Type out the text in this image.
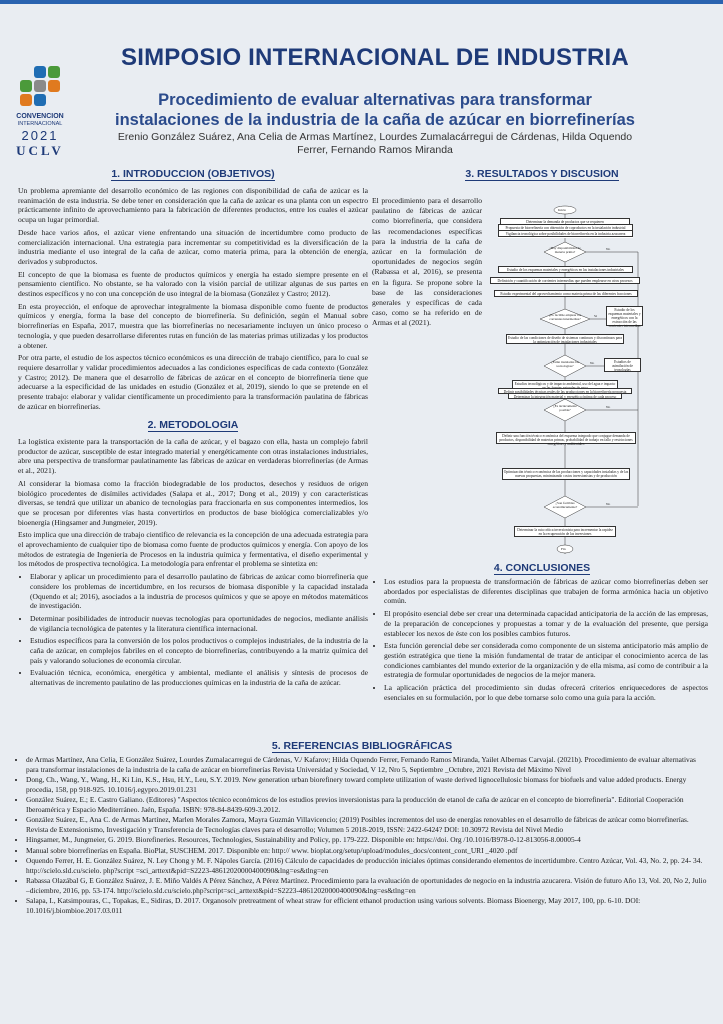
CONVENCION
INTERNACIONAL
2021
UCLV
SIMPOSIO INTERNACIONAL DE INDUSTRIA
Procedimiento de evaluar alternativas para transformar
instalaciones de la industria de la caña de azúcar en biorrefinerías
Erenio González Suárez, Ana Celia de Armas Martínez, Lourdes Zumalacárregui de Cárdenas, Hilda Oquendo
Ferrer, Fernando Ramos Miranda
1. INTRODUCCION (OBJETIVOS)

Un problema apremiante del desarrollo económico de las regiones con disponibilidad de caña de azúcar es la reanimación de esta industria. Se debe tener en consideración que la caña de azúcar es una planta con un espectro prácticamente infinito de aprovechamiento para la fabricación de diferentes productos, entre los cuales el azúcar ocupa un lugar primordial.

Desde hace varios años, el azúcar viene enfrentando una situación de incertidumbre como producto de comercialización internacional. Una estrategia para incrementar su competitividad es la diversificación de la industria mediante el uso integral de la caña de azúcar, como materia prima, para la obtención de energía, derivados y subproductos.

El concepto de que la biomasa es fuente de productos químicos y energía ha estado siempre presente en el pensamiento científico. No obstante, se ha valorado con la visión parcial de utilizar algunas de sus partes en destinos específicos y no con una concepción de uso integral de la biomasa (González y Castro; 2012).

En esta proyección, el enfoque de aprovechar integralmente la biomasa disponible como fuente de productos químicos y energía, forma la base del concepto de biorrefinería. Su definición, según el Manual sobre biorrefinerías en España, 2017, muestra que las biorrefinerías no necesariamente incluyen un único proceso o tecnología, y que pueden desarrollarse diferentes rutas en función de las materias primas utilizadas y los productos a obtener.

Por otra parte, el estudio de los aspectos técnico económicos es una dirección de trabajo científico, para lo cual se requiere desarrollar y validar procedimientos adecuados a las condiciones específicas de cada contexto (González y Castro; 2012). De manera que el desarrollo de fábricas de azúcar en el concepto de biorrefinería tiene que adecuarse a la especificidad de las unidades en estudio (González et al, 2019), siendo lo que se pretende en el presente trabajo: elaborar y validar científicamente un procedimiento para la transformación paulatina de fábricas de azúcar en biorrefinerías.

2. METODOLOGIA

La logística existente para la transportación de la caña de azúcar, y el bagazo con ella, hasta un complejo fabril productor de azúcar, susceptible de estar integrado material y energéticamente con otras instalaciones industriales, abre una perspectiva de transformar paulatinamente las fábricas de azúcar en verdaderas biorrefinerías (de Armas et al., 2021).

Al considerar la biomasa como la fracción biodegradable de los productos, desechos y residuos de origen biológico procedentes de disímiles actividades (Salapa et al., 2017; Dong et al., 2019) y con características diversas, se tendrá que utilizar un abanico de tecnologías para fraccionarla en sus componentes intermedios, los que se procesan por diferentes vías hasta convertirlos en productos de base biológica comercializables y/o bioenergía (Hingsamer and Jungmeier, 2019).

Esto implica que una dirección de trabajo científico de relevancia es la concepción de una adecuada estrategia para el aprovechamiento de cualquier tipo de biomasa como fuente de productos químicos y energía. Con apoyo de los métodos de estrategia de Ingeniería de Procesos en la industria química y fermentativa, el diseño experimental y los métodos de prospectiva tecnológica. La metodología para enfrentar el problema se sintetiza en:

• Elaborar y aplicar un procedimiento para el desarrollo paulatino de fábricas de azúcar como biorrefinería que considere los problemas de incertidumbre, en los recursos de biomasa disponible y la capacidad instalada (Oquendo et al; 2016), asociados a la industria de procesos químicos y que se apoye en métodos matemáticos de investigación.
• Determinar posibilidades de introducir nuevas tecnologías para oportunidades de negocios, mediante análisis de vigilancia tecnológica de patentes y la literatura científica internacional.
• Estudios específicos para la conversión de los polos productivos o complejos industriales, de la industria de la caña de azúcar, en complejos fabriles en el concepto de biorrefinerías, contribuyendo a la matriz química del país y valorando soluciones de economía circular.
• Evaluación técnica, económica, energética y ambiental, mediante el análisis y síntesis de procesos de alternativas de incremento paulatino de las producciones químicas en la industria de la caña de azúcar.
3. RESULTADOS Y DISCUSION
El procedimiento para el desarrollo paulatino de fábricas de azúcar como biorrefinería, que considera las recomendaciones específicas para la industria de la caña de azúcar en la formulación de oportunidades de negocios según (Rabassa et al, 2016), se presenta en la figura. Se propone sobre la base de las consideraciones generales y específicas de cada caso, como se ha referido en de Armas et al (2021).
Inicio
Determinar la demanda de productos que se requieren
Vigilancia tecnológica sobre posibilidades de biorrefinería en la industria azucarera
¿Hay disponibilidad de materia prima?
No
Estudio de los esquemas materiales y energéticos en las instalaciones industriales
Definición y cuantificación de corrientes intermedias que pueden emplearse en otros procesos
Estudio experimental del aprovechamiento como materia prima de las diferentes fracciones
¿Es factible emplear las corrientes intermedias?
Si
Estudio de los esquemas materiales y energéticos con la extracción de las corrientes intermedias
Estudio de las condiciones de diseño de sistemas continuos y discontinuos para la optimización de instalaciones industriales
¿Están instaladas las tecnologías?
No	Estudios de asimilación de tecnologías
Estudios tecnológicos y de impacto ambiental, uso del agua e impacto
Determinar la integración material y energética óptima de cada proceso
¿Es técnicamente posible?
No
Definir una función técnico económica del esquema integrado que conjugue demanda de productos, disponibilidad de materias primas, probabilidad de trabajo en fallo y restricciones energéticas y ambientales
Optimización técnico económica de las producciones y capacidades instaladas y de las nuevas propuestas, minimizando costos inversionistas y de producción
¿Son factibles económicamente?
No
Determinar la ruta crítica inversionista para incrementar la rapidez en la recuperación de las inversiones
Fin
Propuesta de biorrefinería con obtención de coproductos en la instalación industrial
Definir posibilidades técnicas reales de las producciones en la biorrefinería propuesta
4. CONCLUSIONES
• Los estudios para la propuesta de transformación de fábricas de azúcar como biorrefinerías deben ser abordados por especialistas de diferentes disciplinas que trabajen de forma armónica hacia un objetivo común.
• El propósito esencial debe ser crear una determinada capacidad anticipatoria de la acción de las empresas, de la preparación de concepciones y propuestas a tomar y de la evaluación del presente, que persiga establecer los nexos de éste con los posibles cambios futuros.
• Esta función gerencial debe ser considerada como componente de un sistema anticipatorio más amplio de gestión estratégica que tiene la misión fundamental de tratar de anticipar el conocimiento acerca de las condiciones cambiantes del mundo exterior de la organización y de ella misma, así como de contribuir a la estrategia de formular oportunidades de negocios de la mejor manera.
• La aplicación práctica del procedimiento sin dudas ofrecerá criterios enriquecedores de aspectos esenciales en su formulación, por lo que debe tornarse solo como una guía para la acción.
5. REFERENCIAS BIBLIOGRÁFICAS
• de Armas Martínez, Ana Celia, E González Suárez, Lourdes Zumalacarregui de Cárdenas, V./ Kafarov; Hilda Oquendo Ferrer, Fernando Ramos Miranda, Yailet Albernas Carvajal. (2021b). Procedimiento de evaluar alternativas para transformar instalaciones de la industria de la caña de azúcar en biorrefinerías Revista Universidad y Sociedad, V 12, Nro 5, Septiembre _Octubre, 2021 Revista del Máximo Nivel
• Dong, Ch., Wang, Y., Wang, H., Ki Lin, K.S., Hsu, H.Y., Leu, S.Y. 2019. New generation urban biorefinery toward complete utilization of waste derived lignocellulosic biomass for biofuels and value added products. Energy procedia, 158, pp 918-925. 10.1016/j.egypro.2019.01.231
• González Suárez, E.; E. Castro Galiano. (Editores) "Aspectos técnico económicos de los estudios previos inversionistas para la producción de etanol de caña de azúcar en el concepto de biorrefinería". Editorial Cooperación Iberoamérica y Espacio Mediterráneo. Jaén, España. ISBN: 978-84-8439-609-3.2012.
• González Suárez, E., Ana C. de Armas Martínez, Marlen Morales Zamora, Mayra Guzmán Villavicencio; (2019) Posibles incrementos del uso de energías renovables en el desarrollo de fábricas de azúcar como biorrefinerías. Revista de Extensionismo, Investigación y Transferencia de Tecnologías claves para el desarrollo; Volumen 5 2018-2019, ISSN: 2422-6424? DOI: 10.30972 Revista del Nivel Medio
• Hingsamer, M., Jungmeier, G. 2019. Biorefineries. Resources, Technologies, Sustainability and Policy, pp. 179-222. Disponible en: https://doi. Org /10.1016/B978-0-12-813056-8.00005-4
• Manual sobre biorrefinerías en España. BioPlat, SUSCHEM. 2017. Disponible en: http:// www. bioplat.org/setup/upload/modules_docs/content_cont_URI _4020 .pdf
• Oquendo Ferrer, H. E. González Suárez, N. Ley Chong y M. F. Nápoles García. (2016) Cálculo de capacidades de producción iniciales óptimas considerando elementos de incertidumbre. Centro Azúcar, Vol. 43, No. 2, pp. 24- 34. http://scielo.sld.cu/scielo. php?script =sci_arttext&pid=S2223-48612020000400090&lng=es&tlng=en
• Rabassa Olazábal G, E González Suárez, J. E. Miño Valdés A Pérez Sánchez, A Pérez Martínez. Procedimiento para la evaluación de oportunidades de negocio en la industria azucarera. Visión de futuro Año 13, Vol. 20, No 2, Julio –diciembre, 2016, pp. 53-174. http://scielo.sld.cu/scielo.php?script=sci_arttext&pid=S2223-48612020000400090&lng=es&tlng=en
• Salapa, I., Katsimpouras, C., Topakas, E., Sidiras, D. 2017. Organosolv pretreatment of wheat straw for efficient ethanol production using various solvents. Biomass Bioenergy, May 2017, 100, pp. 6-10. DOI: 10.1016/j.biombioe.2017.03.011
